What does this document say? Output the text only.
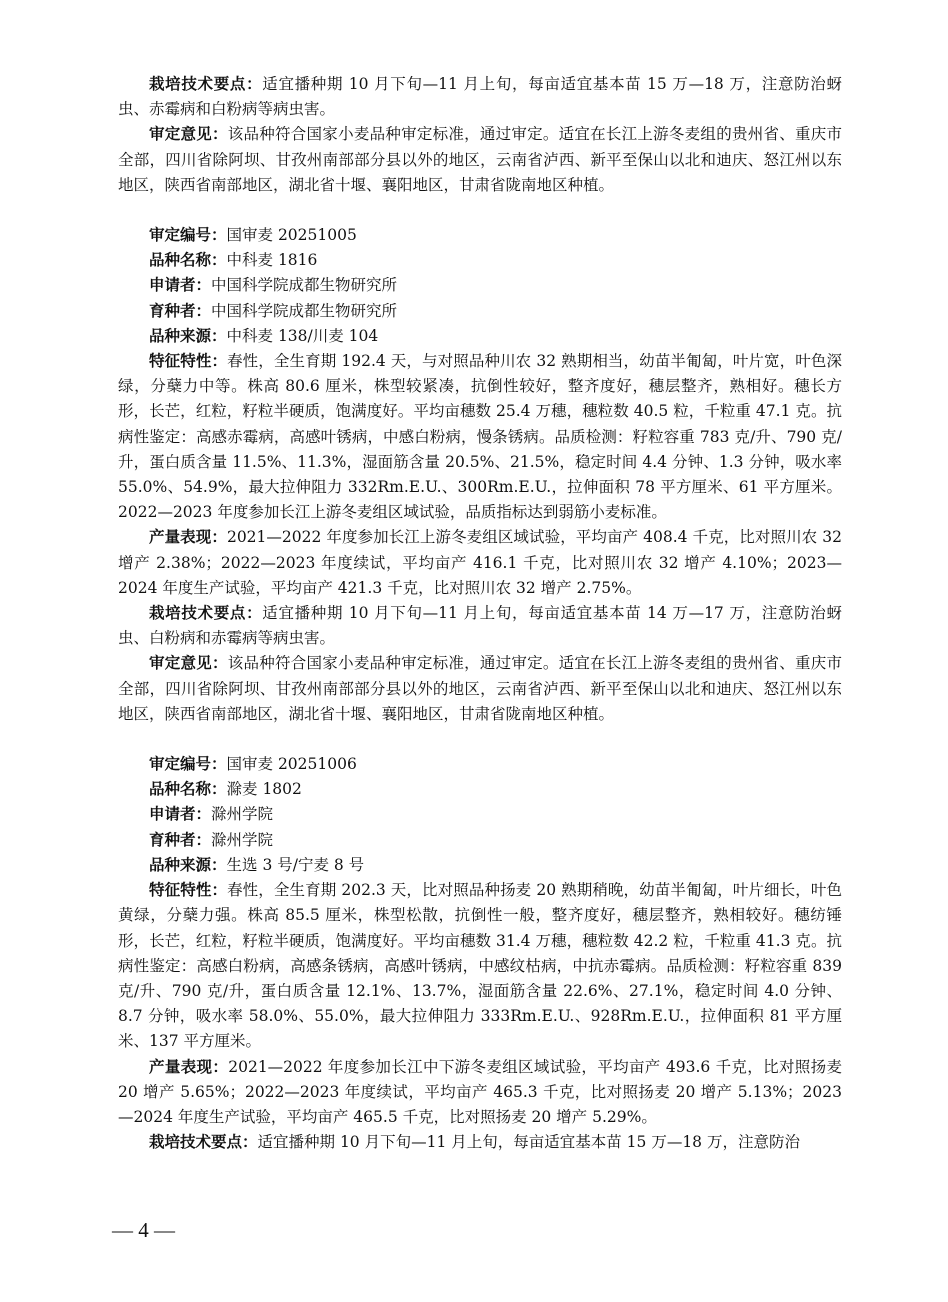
栽培技术要点：适宜播种期 10 月下旬—11 月上旬，每亩适宜基本苗 15 万—18 万，注意防治蚜虫、赤霉病和白粉病等病虫害。

审定意见：该品种符合国家小麦品种审定标准，通过审定。适宜在长江上游冬麦组的贵州省、重庆市全部，四川省除阿坝、甘孜州南部部分县以外的地区，云南省泸西、新平至保山以北和迪庆、怒江州以东地区，陕西省南部地区，湖北省十堰、襄阳地区，甘肃省陇南地区种植。

审定编号：国审麦 20251005

品种名称：中科麦 1816

申请者：中国科学院成都生物研究所

育种者：中国科学院成都生物研究所

品种来源：中科麦 138/川麦 104

特征特性：春性，全生育期 192.4 天，与对照品种川农 32 熟期相当，幼苗半匍匐，叶片宽，叶色深绿，分蘖力中等。株高 80.6 厘米，株型较紧凑，抗倒性较好，整齐度好，穗层整齐，熟相好。穗长方形，长芒，红粒，籽粒半硬质，饱满度好。平均亩穗数 25.4 万穗，穗粒数 40.5 粒，千粒重 47.1 克。抗病性鉴定：高感赤霉病，高感叶锈病，中感白粉病，慢条锈病。品质检测：籽粒容重 783 克/升、790 克/升，蛋白质含量 11.5%、11.3%，湿面筋含量 20.5%、21.5%，稳定时间 4.4 分钟、1.3 分钟，吸水率 55.0%、54.9%，最大拉伸阻力 332Rm.E.U.、300Rm.E.U.，拉伸面积 78 平方厘米、61 平方厘米。2022—2023 年度参加长江上游冬麦组区域试验，品质指标达到弱筋小麦标准。

产量表现：2021—2022 年度参加长江上游冬麦组区域试验，平均亩产 408.4 千克，比对照川农 32 增产 2.38%；2022—2023 年度续试，平均亩产 416.1 千克，比对照川农 32 增产 4.10%；2023—2024 年度生产试验，平均亩产 421.3 千克，比对照川农 32 增产 2.75%。

栽培技术要点：适宜播种期 10 月下旬—11 月上旬，每亩适宜基本苗 14 万—17 万，注意防治蚜虫、白粉病和赤霉病等病虫害。

审定意见：该品种符合国家小麦品种审定标准，通过审定。适宜在长江上游冬麦组的贵州省、重庆市全部，四川省除阿坝、甘孜州南部部分县以外的地区，云南省泸西、新平至保山以北和迪庆、怒江州以东地区，陕西省南部地区，湖北省十堰、襄阳地区，甘肃省陇南地区种植。

审定编号：国审麦 20251006

品种名称：滁麦 1802

申请者：滁州学院

育种者：滁州学院

品种来源：生选 3 号/宁麦 8 号

特征特性：春性，全生育期 202.3 天，比对照品种扬麦 20 熟期稍晚，幼苗半匍匐，叶片细长，叶色黄绿，分蘖力强。株高 85.5 厘米，株型松散，抗倒性一般，整齐度好，穗层整齐，熟相较好。穗纺锤形，长芒，红粒，籽粒半硬质，饱满度好。平均亩穗数 31.4 万穗，穗粒数 42.2 粒，千粒重 41.3 克。抗病性鉴定：高感白粉病，高感条锈病，高感叶锈病，中感纹枯病，中抗赤霉病。品质检测：籽粒容重 839 克/升、790 克/升，蛋白质含量 12.1%、13.7%，湿面筋含量 22.6%、27.1%，稳定时间 4.0 分钟、8.7 分钟，吸水率 58.0%、55.0%，最大拉伸阻力 333Rm.E.U.、928Rm.E.U.，拉伸面积 81 平方厘米、137 平方厘米。

产量表现：2021—2022 年度参加长江中下游冬麦组区域试验，平均亩产 493.6 千克，比对照扬麦 20 增产 5.65%；2022—2023 年度续试，平均亩产 465.3 千克，比对照扬麦 20 增产 5.13%；2023—2024 年度生产试验，平均亩产 465.5 千克，比对照扬麦 20 增产 5.29%。

栽培技术要点：适宜播种期 10 月下旬—11 月上旬，每亩适宜基本苗 15 万—18 万，注意防治

— 4 —
